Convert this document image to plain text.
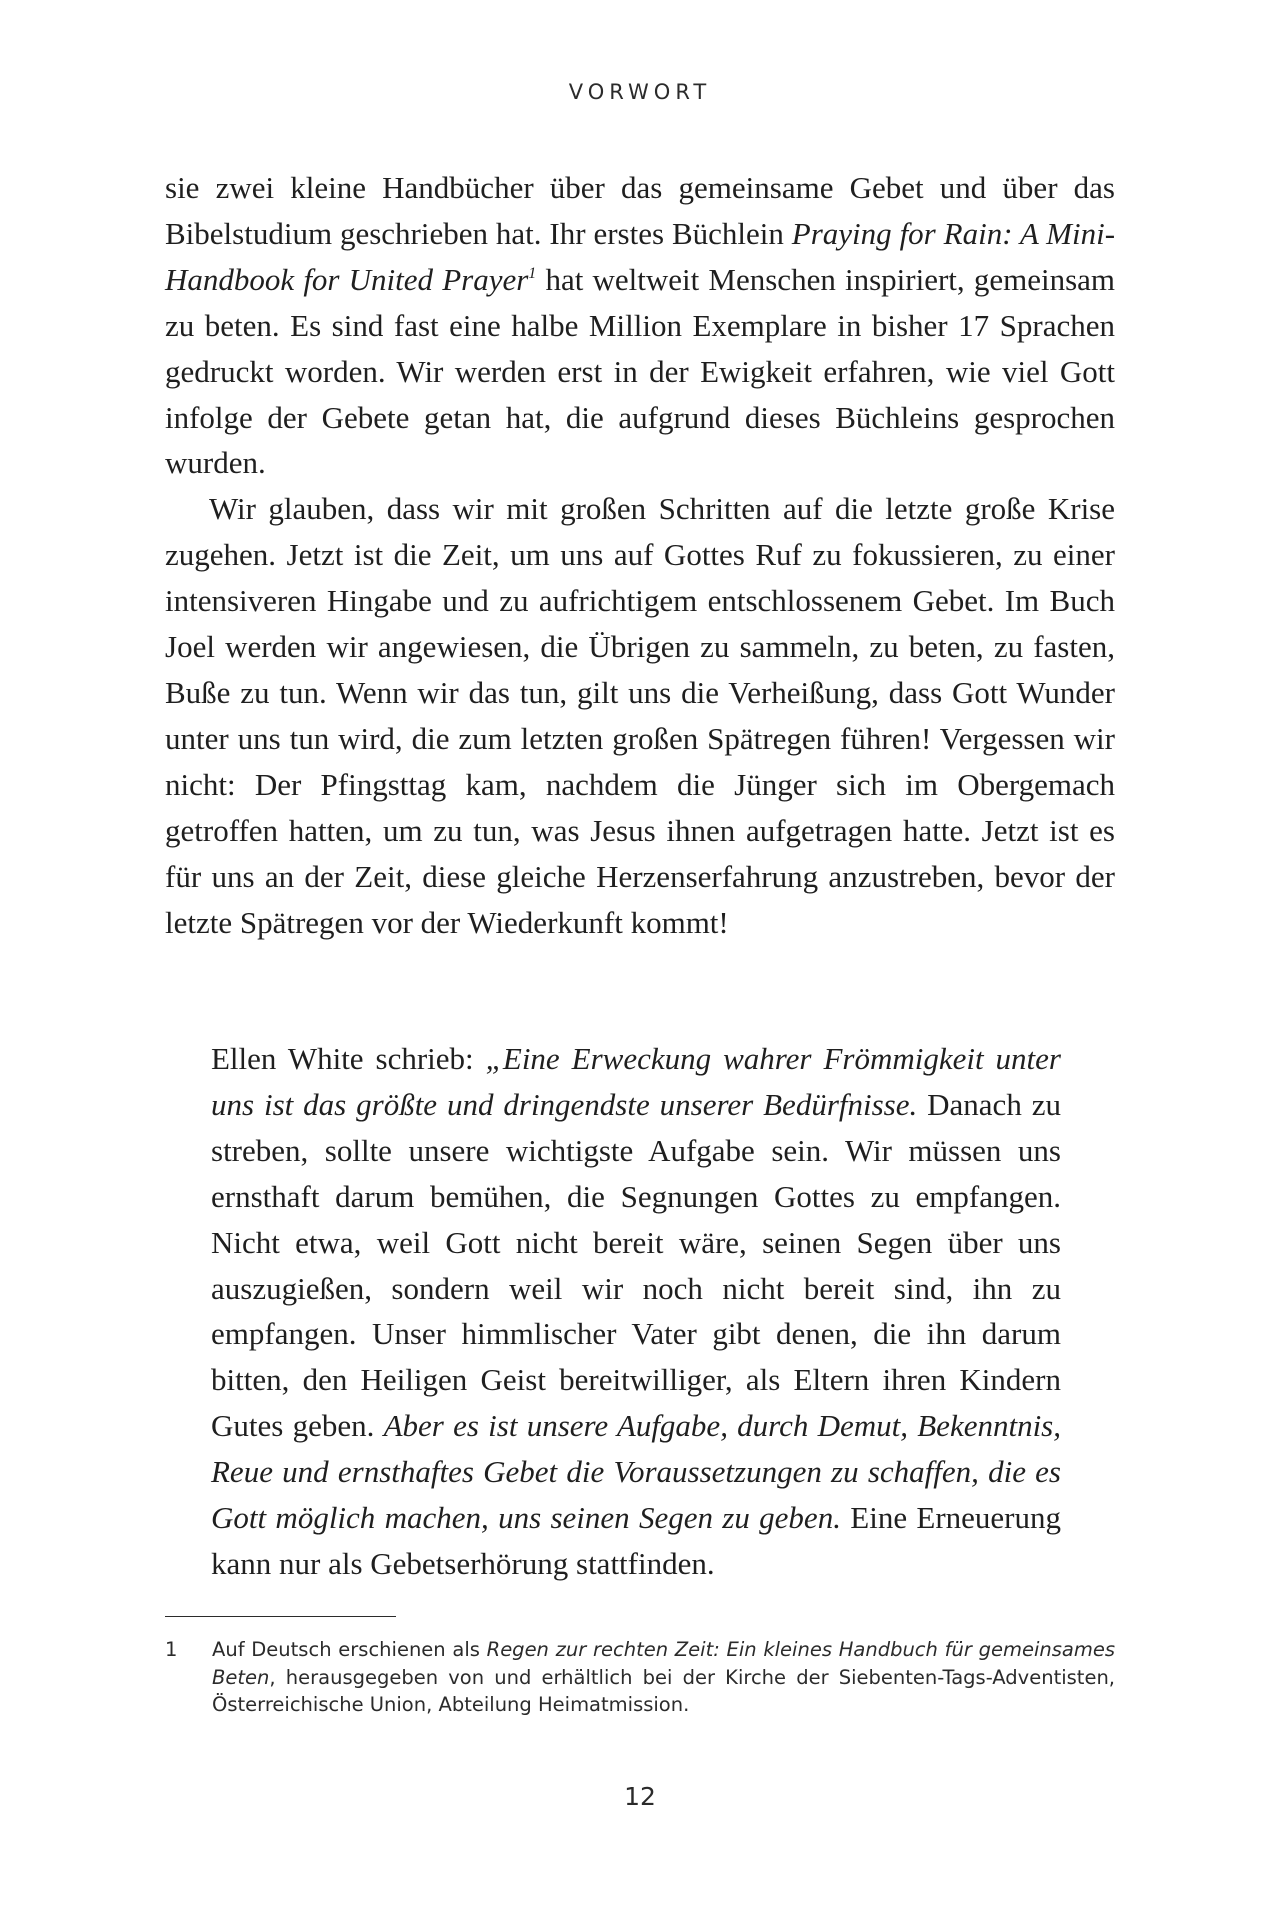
VORWORT

sie zwei kleine Handbücher über das gemeinsame Gebet und über das Bibelstudium geschrieben hat. Ihr erstes Büchlein Praying for Rain: A Mini-Handbook for United Prayer$^1$ hat weltweit Menschen inspiriert, gemeinsam zu beten. Es sind fast eine halbe Million Exemplare in bisher 17 Sprachen gedruckt worden. Wir werden erst in der Ewigkeit erfahren, wie viel Gott infolge der Gebete getan hat, die aufgrund dieses Büchleins gesprochen wurden.

Wir glauben, dass wir mit großen Schritten auf die letzte große Krise zugehen. Jetzt ist die Zeit, um uns auf Gottes Ruf zu fokussieren, zu einer intensiveren Hingabe und zu aufrichtigem entschlossenem Gebet. Im Buch Joel werden wir angewiesen, die Übrigen zu sammeln, zu beten, zu fasten, Buße zu tun. Wenn wir das tun, gilt uns die Verheißung, dass Gott Wunder unter uns tun wird, die zum letzten großen Spätregen führen! Vergessen wir nicht: Der Pfingsttag kam, nachdem die Jünger sich im Obergemach getroffen hatten, um zu tun, was Jesus ihnen aufgetragen hatte. Jetzt ist es für uns an der Zeit, diese gleiche Herzenserfahrung anzustreben, bevor der letzte Spätregen vor der Wiederkunft kommt!

Ellen White schrieb: „Eine Erweckung wahrer Frömmigkeit unter uns ist das größte und dringendste unserer Bedürfnisse. Danach zu streben, sollte unsere wichtigste Aufgabe sein. Wir müssen uns ernsthaft darum bemühen, die Segnungen Gottes zu empfangen. Nicht etwa, weil Gott nicht bereit wäre, seinen Segen über uns auszugießen, sondern weil wir noch nicht bereit sind, ihn zu empfangen. Unser himmlischer Vater gibt denen, die ihn darum bitten, den Heiligen Geist bereitwilliger, als Eltern ihren Kindern Gutes geben. Aber es ist unsere Aufgabe, durch Demut, Bekenntnis, Reue und ernsthaftes Gebet die Voraussetzungen zu schaffen, die es Gott möglich machen, uns seinen Segen zu geben. Eine Erneuerung kann nur als Gebetserhörung stattfinden.

1 Auf Deutsch erschienen als Regen zur rechten Zeit: Ein kleines Handbuch für gemeinsames Beten, herausgegeben von und erhältlich bei der Kirche der Siebenten-Tags-Adventisten, Österreichische Union, Abteilung Heimatmission.
12
